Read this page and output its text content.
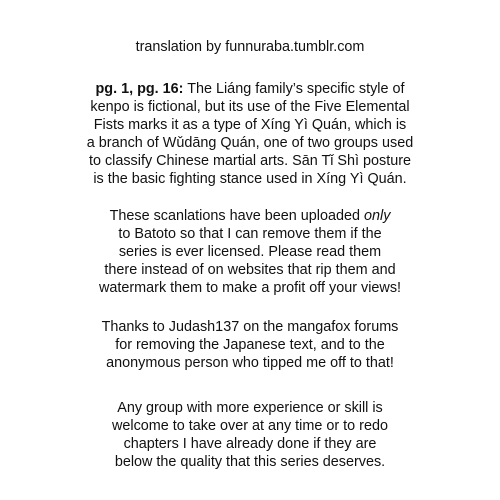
translation by funnuraba.tumblr.com

pg. 1, pg. 16: The Liáng family’s specific style of
kenpo is fictional, but its use of the Five Elemental
Fists marks it as a type of Xíng Yì Quán, which is
a branch of Wǔdāng Quán, one of two groups used
to classify Chinese martial arts. Sān Tǐ Shì posture
is the basic fighting stance used in Xíng Yì Quán.

These scanlations have been uploaded only
to Batoto so that I can remove them if the
series is ever licensed. Please read them
there instead of on websites that rip them and
watermark them to make a profit off your views!

Thanks to Judash137 on the mangafox forums
for removing the Japanese text, and to the
anonymous person who tipped me off to that!

Any group with more experience or skill is
welcome to take over at any time or to redo
chapters I have already done if they are
below the quality that this series deserves.
